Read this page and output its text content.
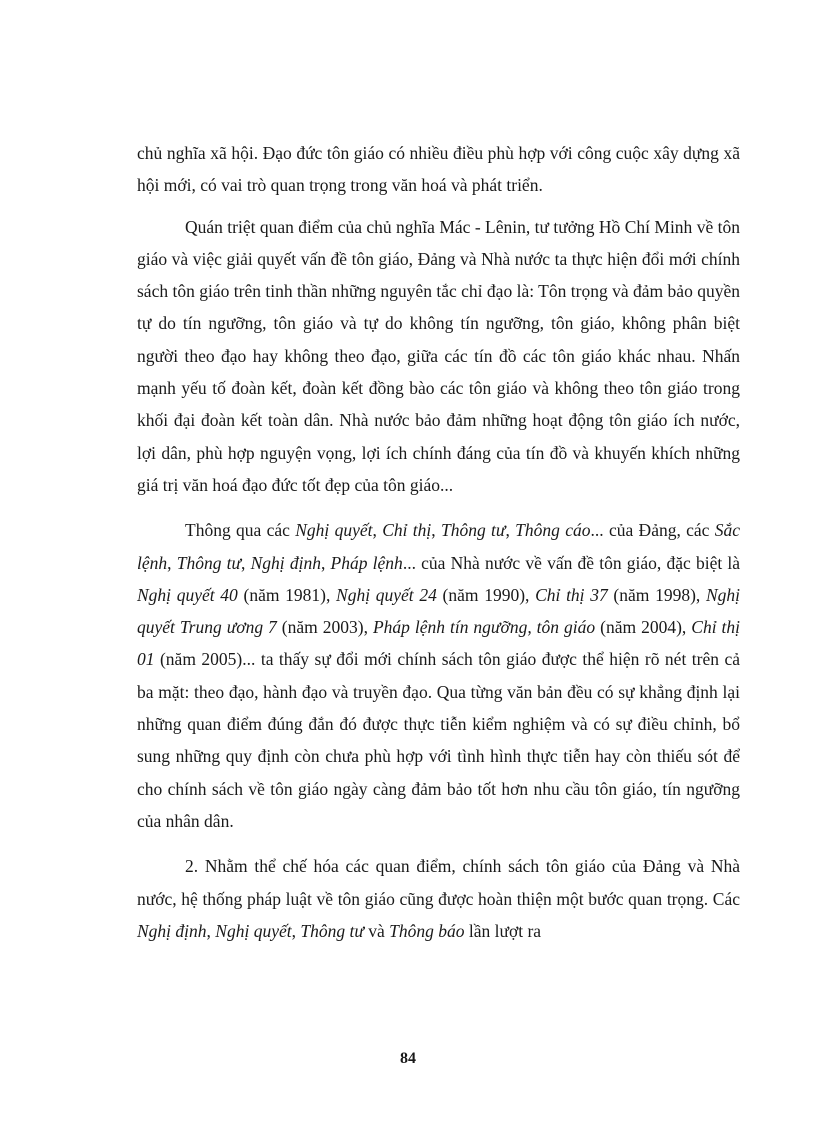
chủ nghĩa xã hội. Đạo đức tôn giáo có nhiều điều phù hợp với công cuộc xây dựng xã hội mới, có vai trò quan trọng trong văn hoá và phát triển.

Quán triệt quan điểm của chủ nghĩa Mác - Lênin, tư tưởng Hồ Chí Minh về tôn giáo và việc giải quyết vấn đề tôn giáo, Đảng và Nhà nước ta thực hiện đổi mới chính sách tôn giáo trên tinh thần những nguyên tắc chỉ đạo là: Tôn trọng và đảm bảo quyền tự do tín ngưỡng, tôn giáo và tự do không tín ngưỡng, tôn giáo, không phân biệt người theo đạo hay không theo đạo, giữa các tín đồ các tôn giáo khác nhau. Nhấn mạnh yếu tố đoàn kết, đoàn kết đồng bào các tôn giáo và không theo tôn giáo trong khối đại đoàn kết toàn dân. Nhà nước bảo đảm những hoạt động tôn giáo ích nước, lợi dân, phù hợp nguyện vọng, lợi ích chính đáng của tín đồ và khuyến khích những giá trị văn hoá đạo đức tốt đẹp của tôn giáo...

Thông qua các Nghị quyết, Chỉ thị, Thông tư, Thông cáo... của Đảng, các Sắc lệnh, Thông tư, Nghị định, Pháp lệnh... của Nhà nước về vấn đề tôn giáo, đặc biệt là Nghị quyết 40 (năm 1981), Nghị quyết 24 (năm 1990), Chỉ thị 37 (năm 1998), Nghị quyết Trung ương 7 (năm 2003), Pháp lệnh tín ngưỡng, tôn giáo (năm 2004), Chỉ thị 01 (năm 2005)... ta thấy sự đổi mới chính sách tôn giáo được thể hiện rõ nét trên cả ba mặt: theo đạo, hành đạo và truyền đạo. Qua từng văn bản đều có sự khẳng định lại những quan điểm đúng đắn đó được thực tiễn kiểm nghiệm và có sự điều chỉnh, bổ sung những quy định còn chưa phù hợp với tình hình thực tiễn hay còn thiếu sót để cho chính sách về tôn giáo ngày càng đảm bảo tốt hơn nhu cầu tôn giáo, tín ngưỡng của nhân dân.

2. Nhằm thể chế hóa các quan điểm, chính sách tôn giáo của Đảng và Nhà nước, hệ thống pháp luật về tôn giáo cũng được hoàn thiện một bước quan trọng. Các Nghị định, Nghị quyết, Thông tư và Thông báo lần lượt ra

84
